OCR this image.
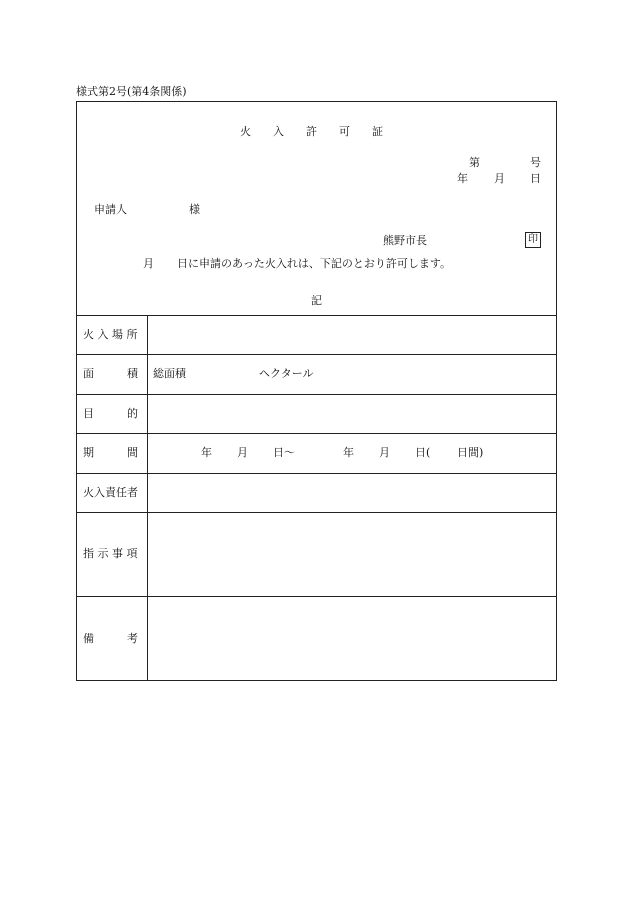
様式第2号(第4条関係)
火　　入　　許　　可　　証
第	号
年 月 日
申請人	様
熊野市長	印
月 日に申請のあった火入れは、下記のとおり許可します。
記
火 入 場 所
面　　　積 総面積	ヘクタール
目　　　的
期　　　間	年 月 日〜	年 月 日( 日間)
火入責任者
指 示 事 項
備　　　考
